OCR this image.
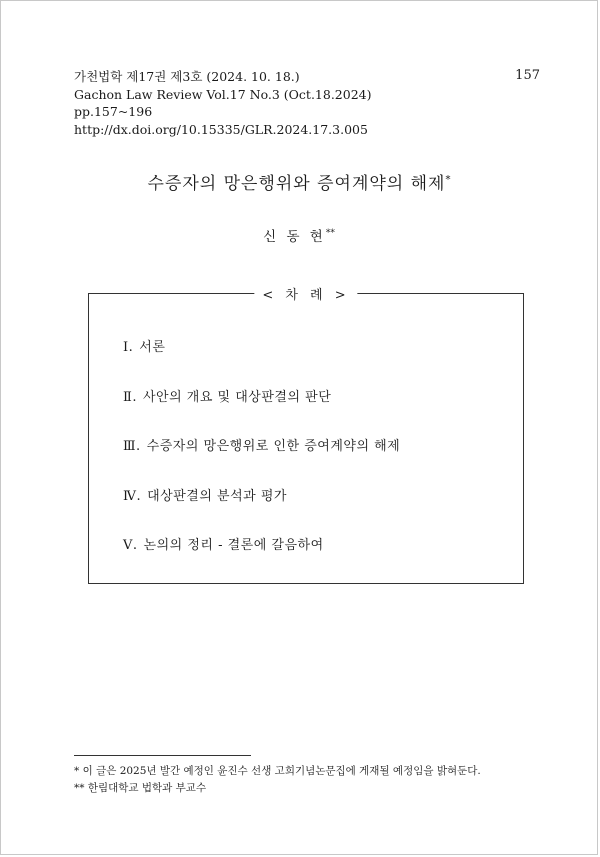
가천법학 제17권 제3호 (2024. 10. 18.)
Gachon Law Review Vol.17 No.3 (Oct.18.2024)
pp.157~196
http://dx.doi.org/10.15335/GLR.2024.17.3.005
157
수증자의 망은행위와 증여계약의 해제*
신 동 현**
< 차 례 >
Ⅰ. 서론
Ⅱ. 사안의 개요 및 대상판결의 판단
Ⅲ. 수증자의 망은행위로 인한 증여계약의 해제
Ⅳ. 대상판결의 분석과 평가
Ⅴ. 논의의 정리 - 결론에 갈음하여
* 이 글은 2025년 발간 예정인 윤진수 선생 고희기념논문집에 게재될 예정임을 밝혀둔다.
** 한림대학교 법학과 부교수
